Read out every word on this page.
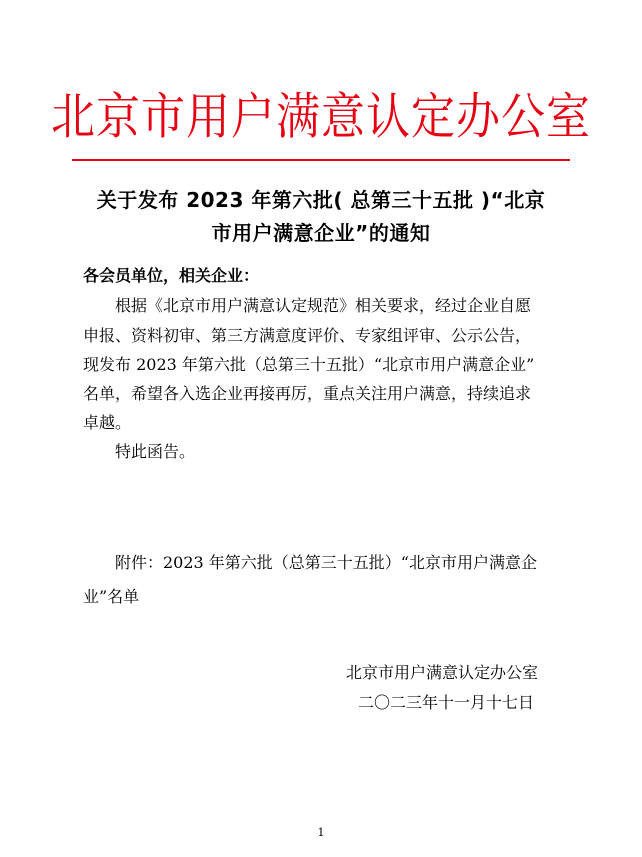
北京市用户满意认定办公室
关于发布 2023 年第六批( 总第三十五批 )“北京
市用户满意企业”的通知
各会员单位，相关企业：
根据《北京市用户满意认定规范》相关要求，经过企业自愿
申报、资料初审、第三方满意度评价、专家组评审、公示公告，
现发布 2023 年第六批（总第三十五批）“北京市用户满意企业”
名单，希望各入选企业再接再厉，重点关注用户满意，持续追求
卓越。
特此函告。
附件：2023 年第六批（总第三十五批）“北京市用户满意企
业”名单
北京市用户满意认定办公室
二〇二三年十一月十七日
1
